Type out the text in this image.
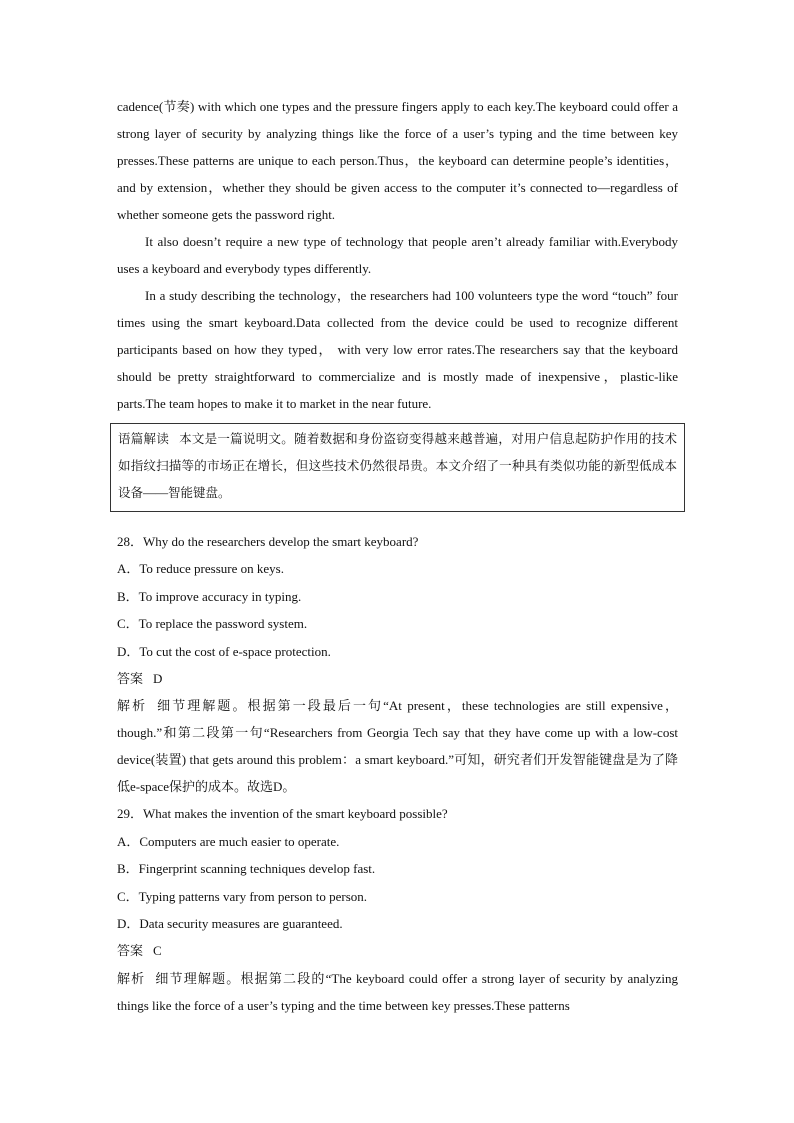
cadence(节奏) with which one types and the pressure fingers apply to each key.The keyboard could offer a strong layer of security by analyzing things like the force of a user’s typing and the time between key presses.These patterns are unique to each person.Thus，the keyboard can determine people’s identities，and by extension，whether they should be given access to the computer it’s connected to—regardless of whether someone gets the password right.

It also doesn’t require a new type of technology that people aren’t already familiar with.Everybody uses a keyboard and everybody types differently.

In a study describing the technology，the researchers had 100 volunteers type the word “touch” four times using the smart keyboard.Data collected from the device could be used to recognize different participants based on how they typed， with very low error rates.The researchers say that the keyboard should be pretty straightforward to commercialize and is mostly made of inexpensive，plastic-like parts.The team hopes to make it to market in the near future.

语篇解读 本文是一篇说明文。随着数据和身份盗窃变得越来越普遍，对用户信息起防护作用的技术如指纹扫描等的市场正在增长，但这些技术仍然很昂贵。本文介绍了一种具有类似功能的新型低成本设备——智能键盘。

28．Why do the researchers develop the smart keyboard?

A．To reduce pressure on keys.

B．To improve accuracy in typing.

C．To replace the password system.

D．To cut the cost of e-space protection.

答案 D

解析 细节理解题。根据第一段最后一句“At present，these technologies are still expensive，though.”和第二段第一句“Researchers from Georgia Tech say that they have come up with a low-cost device(装置) that gets around this problem：a smart keyboard.”可知，研究者们开发智能键盘是为了降低e-space保护的成本。故选D。

29．What makes the invention of the smart keyboard possible?

A．Computers are much easier to operate.

B．Fingerprint scanning techniques develop fast.

C．Typing patterns vary from person to person.

D．Data security measures are guaranteed.

答案 C

解析 细节理解题。根据第二段的“The keyboard could offer a strong layer of security by analyzing things like the force of a user’s typing and the time between key presses.These patterns
